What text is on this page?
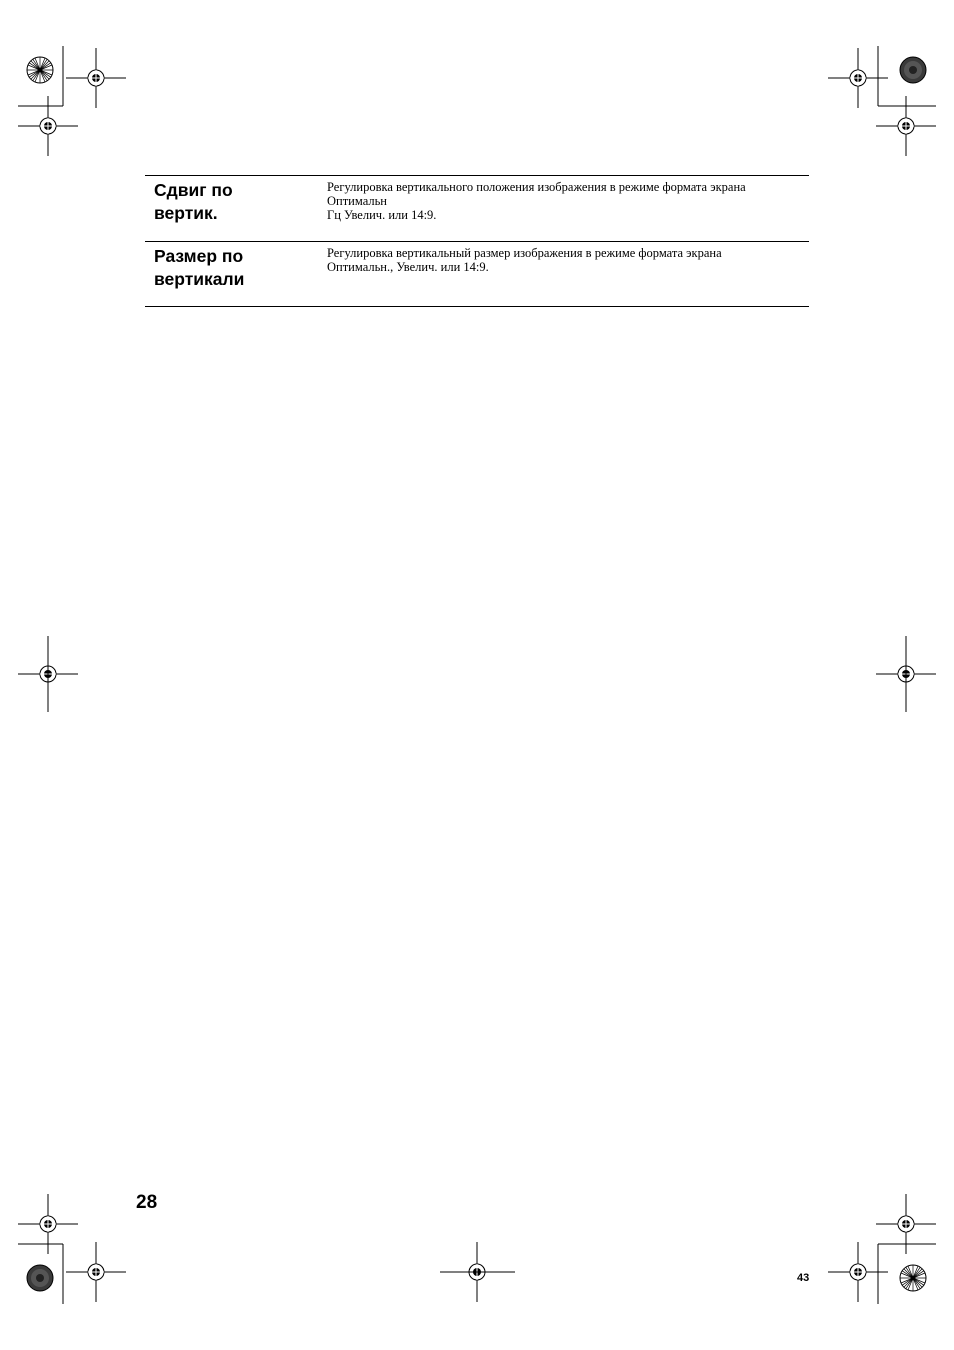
Сдвиг по
вертик.
Регулировка вертикального положения изображения в режиме формата экрана
Оптимальн
Гц Увелич. или 14:9.
Размер по
вертикали
Регулировка вертикальный размер изображения в режиме формата экрана
Оптимальн., Увелич. или 14:9.
28
43
